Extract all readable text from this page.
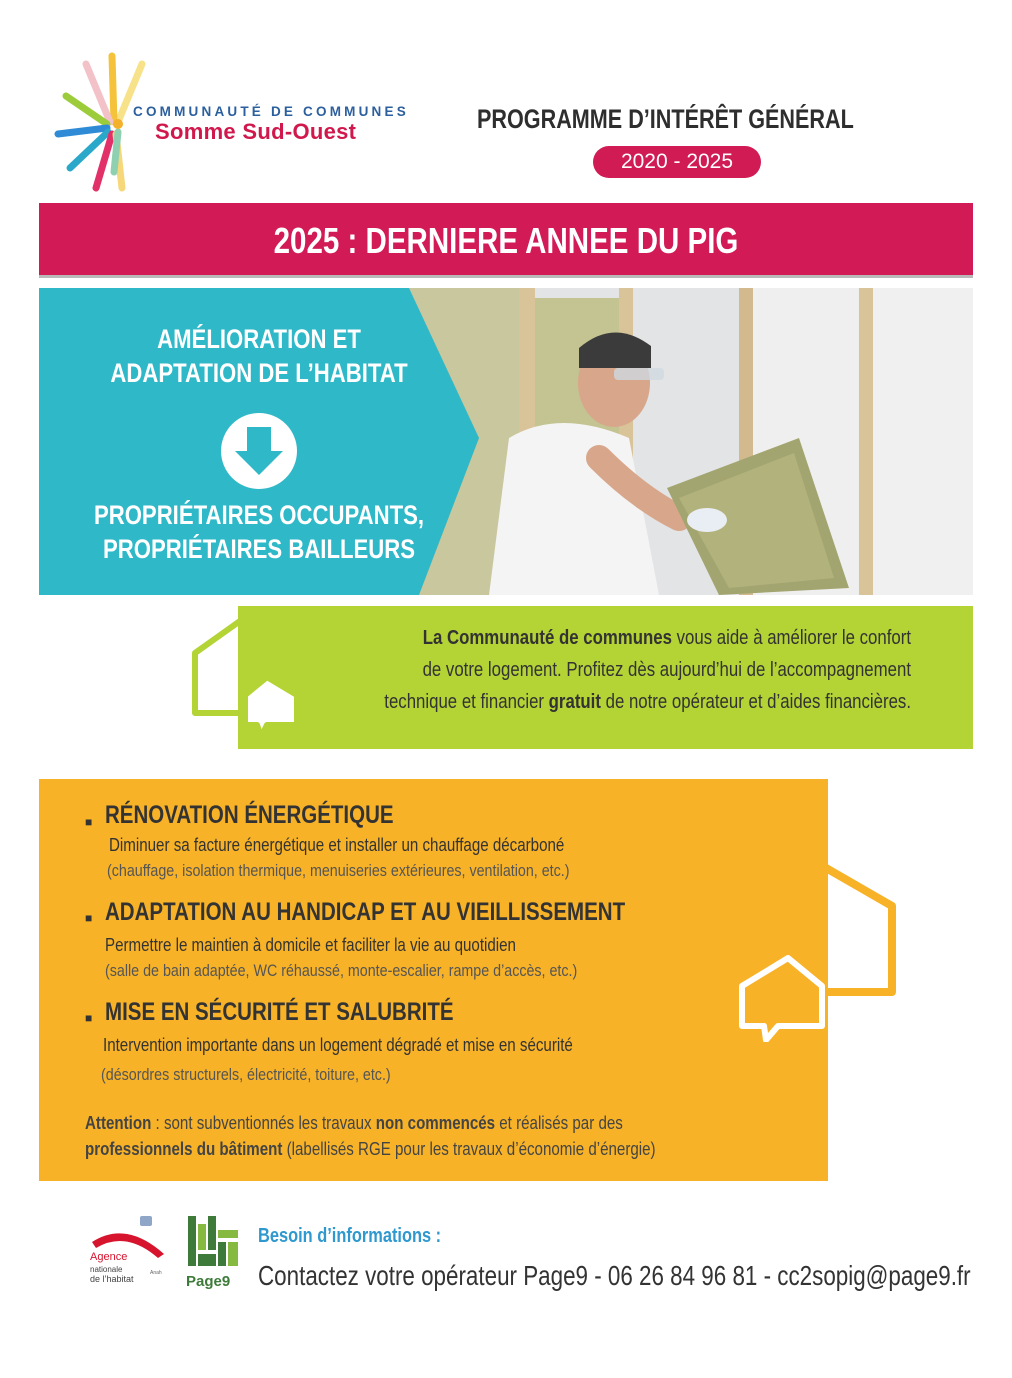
COMMUNAUTÉ DE COMMUNES
Somme Sud-Ouest	PROGRAMME D’INTÉRÊT GÉNÉRAL
2020 - 2025
2025 : DERNIERE ANNEE DU PIG
AMÉLIORATION ET
ADAPTATION DE L’HABITAT
PROPRIÉTAIRES OCCUPANTS,
PROPRIÉTAIRES BAILLEURS
La Communauté de communes vous aide à améliorer le confort
de votre logement. Profitez dès aujourd’hui de l’accompagnement
technique et financier gratuit de notre opérateur et d’aides financières.
■ RÉNOVATION ÉNERGÉTIQUE
Diminuer sa facture énergétique et installer un chauffage décarboné
(chauffage, isolation thermique, menuiseries extérieures, ventilation, etc.)
■ ADAPTATION AU HANDICAP ET AU VIEILLISSEMENT
Permettre le maintien à domicile et faciliter la vie au quotidien
(salle de bain adaptée, WC réhaussé, monte-escalier, rampe d’accès, etc.)
■ MISE EN SÉCURITÉ ET SALUBRITÉ
Intervention importante dans un logement dégradé et mise en sécurité
(désordres structurels, électricité, toiture, etc.)
Attention : sont subventionnés les travaux non commencés et réalisés par des
professionnels du bâtiment (labellisés RGE pour les travaux d’économie d’énergie)
Agence
nationale
de l’habitat
Anah Page9
Besoin d’informations :
Contactez votre opérateur Page9 - 06 26 84 96 81 - cc2sopig@page9.fr
